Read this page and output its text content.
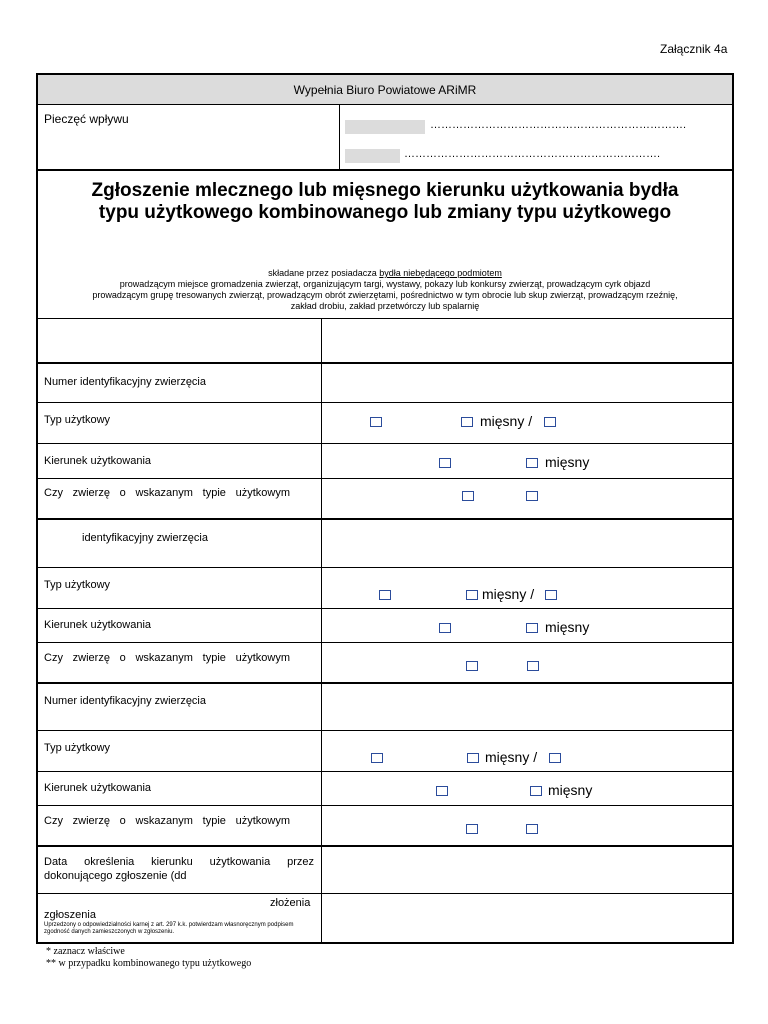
Załącznik 4a
Wypełnia Biuro Powiatowe ARiMR
Pieczęć wpływu	…………………………………………………………….
…………………………………………………………….
Zgłoszenie mlecznego lub mięsnego kierunku użytkowania bydła
typu użytkowego kombinowanego lub zmiany typu użytkowego
składane przez posiadacza bydła niebędącego podmiotem
prowadzącym miejsce gromadzenia zwierząt, organizującym targi, wystawy, pokazy lub konkursy zwierząt, prowadzącym cyrk objazd
prowadzącym grupę tresowanych zwierząt, prowadzącym obrót zwierzętami, pośrednictwo w tym obrocie lub skup zwierząt, prowadzącym rzeźnię,
zakład drobiu, zakład przetwórczy lub spalarnię
Numer identyfikacyjny zwierzęcia
Typ użytkowy
Kierunek użytkowania
Czy zwierzę o wskazanym typie użytkowym
mięsny /
mięsny
identyfikacyjny zwierzęcia
Typ użytkowy
Kierunek użytkowania
Czy zwierzę o wskazanym typie użytkowym
mięsny /
mięsny
Numer identyfikacyjny zwierzęcia
Typ użytkowy
Kierunek użytkowania
Czy zwierzę o wskazanym typie użytkowym
mięsny /
mięsny
Data określenia kierunku użytkowania przez
dokonującego zgłoszenie (dd
złożenia
zgłoszenia
Uprzedzony o odpowiedzialności karnej z art. 297 k.k. potwierdzam własnoręcznym podpisem
zgodność danych zamieszczonych w zgłoszeniu.
* zaznacz właściwe
** w przypadku kombinowanego typu użytkowego
